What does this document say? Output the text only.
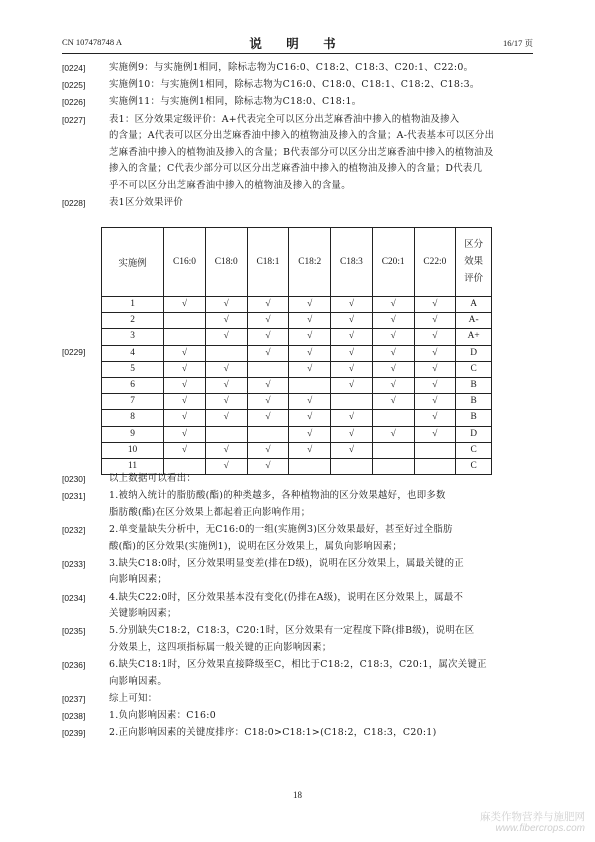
CN 107478748 A	说 明 书	16/17 页
[0224]	实施例9：与实施例1相同，除标志物为C16:0、C18:2、C18:3、C20:1、C22:0。
[0225]	实施例10：与实施例1相同，除标志物为C16:0、C18:0、C18:1、C18:2、C18:3。
[0226]	实施例11：与实施例1相同，除标志物为C18:0、C18:1。
[0227]	表1：区分效果定级评价：A+代表完全可以区分出芝麻香油中掺入的植物油及掺入
的含量；A代表可以区分出芝麻香油中掺入的植物油及掺入的含量；A-代表基本可以区分出
芝麻香油中掺入的植物油及掺入的含量；B代表部分可以区分出芝麻香油中掺入的植物油及
掺入的含量；C代表少部分可以区分出芝麻香油中掺入的植物油及掺入的含量；D代表几
乎不可以区分出芝麻香油中掺入的植物油及掺入的含量。
[0228]	表1区分效果评价
[0229]
实施例	C16:0	C18:0	C18:1	C18:2	C18:3	C20:1	C22:0	区分
效果
评价

1	√	√	√	√	√	√	√	A
2		√	√	√	√	√	√	A-
3		√	√	√	√	√	√	A+
4	√		√	√	√	√	√	D
5	√	√		√	√	√	√	C
6	√	√	√		√	√	√	B
7	√	√	√	√		√	√	B
8	√	√	√	√	√		√	B
9	√			√	√	√	√	D
10	√	√	√	√	√			C
11		√	√					C
[0230]	以上数据可以看出：
[0231]	1.被纳入统计的脂肪酸(酯)的种类越多，各种植物油的区分效果越好，也即多数
脂肪酸(酯)在区分效果上都起着正向影响作用；
[0232]	2.单变量缺失分析中，无C16:0的一组(实施例3)区分效果最好，甚至好过全脂肪
酸(酯)的区分效果(实施例1)，说明在区分效果上，属负向影响因素；
[0233]	3.缺失C18:0时，区分效果明显变差(排在D级)，说明在区分效果上，属最关键的正
向影响因素；
[0234]	4.缺失C22:0时，区分效果基本没有变化(仍排在A级)，说明在区分效果上，属最不
关键影响因素；
[0235]	5.分别缺失C18:2，C18:3，C20:1时，区分效果有一定程度下降(排B级)，说明在区
分效果上，这四项指标属一般关键的正向影响因素；
[0236]	6.缺失C18:1时，区分效果直接降级至C，相比于C18:2，C18:3，C20:1，属次关键正
向影响因素。
[0237]	综上可知：
[0238]	1.负向影响因素：C16:0
[0239]	2.正向影响因素的关键度排序：C18:0>C18:1>(C18:2，C18:3，C20:1)
18
麻类作物营养与施肥网
www.fibercrops.com
